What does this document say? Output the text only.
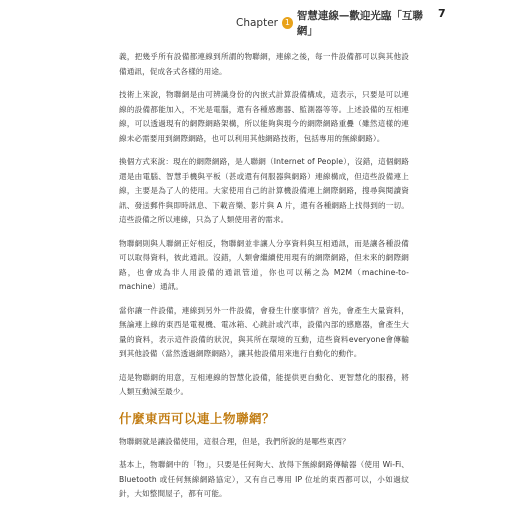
Chapter 1
智慧連線—歡迎光臨「互聯網」
7

義，把幾乎所有設備都連線到所謂的物聯網，連線之後，每一件設備都可以與其他設備通訊，促成各式各樣的用途。

技術上來說，物聯網是由可辨識身份的內嵌式計算設備構成，這表示，只要是可以連線的設備都能加入，不光是電腦，還有各種感應器、監測器等等。上述設備的互相連線，可以透過現有的網際網路架構，所以能夠與現今的網際網路重疊（雖然這樣的連線未必需要用到網際網路，也可以利用其他網路技術，包括專用的無線網路）。

換個方式來說：現在的網際網路，是人聯網（Internet of People），沒錯，這個網路還是由電腦、智慧手機與平板（甚或還有伺服器與網路）連線構成，但這些設備連上線，主要是為了人的使用。大家使用自己的計算機設備連上網際網路，搜尋與閱讀資訊、發送郵件與即時訊息、下載音樂、影片與 A 片，還有各種網路上找得到的一切。這些設備之所以連線，只為了人類使用者的需求。

物聯網則與人聯網正好相反，物聯網並非讓人分享資料與互相通訊，而是讓各種設備可以取得資料，彼此通訊。沒錯，人類會繼續使用現有的網際網路，但未來的網際網路，也會成為非人用設備的通訊管道，你也可以稱之為 M2M（machine-to-machine）通訊。

當你讓一件設備，連線到另外一件設備，會發生什麼事情？首先，會產生大量資料，無論連上線的東西是電視機、電冰箱、心跳計或汽車，設備內部的感應器，會產生大量的資料，表示這件設備的狀況，與其所在環境的互動，這些資料everyone會傳輸到其他設備（當然透過網際網路），讓其他設備用來進行自動化的動作。

這是物聯網的用意，互相連線的智慧化設備，能提供更自動化、更智慧化的服務，將人類互動減至最少。

什麼東西可以連上物聯網？

物聯網就是讓設備使用，這很合理，但是，我們所說的是哪些東西？

基本上，物聯網中的「物」，只要是任何夠大、放得下無線網路傳輸器（使用 Wi-Fi、Bluetooth 或任何無線網路協定），又有自己專用 IP 位址的東西都可以，小如過紋針，大如整間屋子，都有可能。
